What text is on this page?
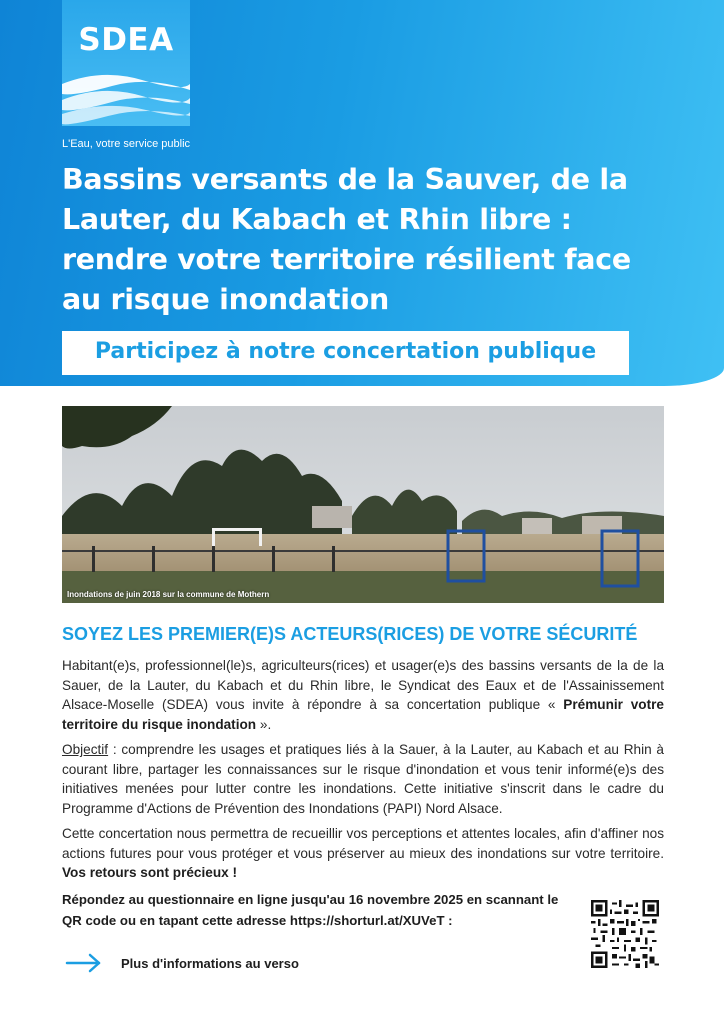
SDEA
L'Eau, votre service public
Bassins versants de la Sauver, de la
Lauter, du Kabach et Rhin libre :
rendre votre territoire résilient face
au risque inondation
Participez à notre concertation publique
Inondations de juin 2018 sur la commune de Mothern
SOYEZ LES PREMIER(E)S ACTEURS(RICES) DE VOTRE SÉCURITÉ

Habitant(e)s, professionnel(le)s, agriculteurs(rices) et usager(e)s des bassins versants de la de la Sauer, de la Lauter, du Kabach et du Rhin libre, le Syndicat des Eaux et de l'Assainissement Alsace-Moselle (SDEA) vous invite à répondre à sa concertation publique « Prémunir votre territoire du risque inondation ».

Objectif : comprendre les usages et pratiques liés à la Sauer, à la Lauter, au Kabach et au Rhin à courant libre, partager les connaissances sur le risque d'inondation et vous tenir informé(e)s des initiatives menées pour lutter contre les inondations. Cette initiative s'inscrit dans le cadre du Programme d'Actions de Prévention des Inondations (PAPI) Nord Alsace.

Cette concertation nous permettra de recueillir vos perceptions et attentes locales, afin d'affiner nos actions futures pour vous protéger et vous préserver au mieux des inondations sur votre territoire. Vos retours sont précieux !

Répondez au questionnaire en ligne jusqu'au 16 novembre 2025 en scannant le
QR code ou en tapant cette adresse https://shorturl.at/XUVeT :
Plus d'informations au verso
